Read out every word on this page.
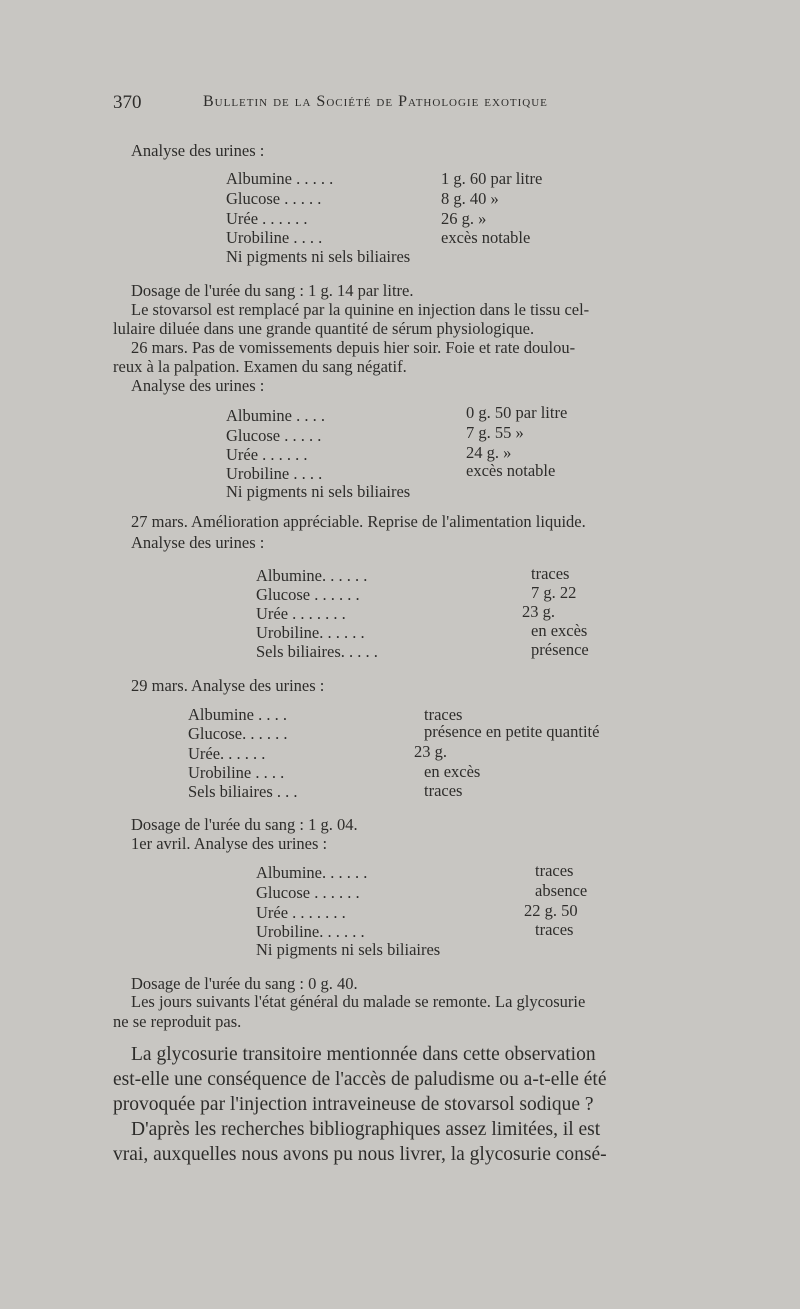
370	Bulletin de la Société de Pathologie exotique
Analyse des urines :
Albumine . . . . .	1 g. 60 par litre
Glucose . . . . .	8 g. 40 »
Urée . . . . . .	26 g. »
Urobiline . . . .	excès notable
Ni pigments ni sels biliaires
Dosage de l'urée du sang : 1 g. 14 par litre.
Le stovarsol est remplacé par la quinine en injection dans le tissu cel-
lulaire diluée dans une grande quantité de sérum physiologique.
26 mars. Pas de vomissements depuis hier soir. Foie et rate doulou-
reux à la palpation. Examen du sang négatif.
Analyse des urines :
Albumine . . . .	0 g. 50 par litre
Glucose . . . . .	7 g. 55 »
Urée . . . . . .	24 g. »
Urobiline . . . .	excès notable
Ni pigments ni sels biliaires
27 mars. Amélioration appréciable. Reprise de l'alimentation liquide.
Analyse des urines :
Albumine. . . . . .	traces
Glucose . . . . . .	7 g. 22
Urée . . . . . . .	23 g.
Urobiline. . . . . .	en excès
Sels biliaires. . . . .	présence
29 mars. Analyse des urines :
Albumine . . . .	traces
Glucose. . . . . .	présence en petite quantité
Urée. . . . . .	23 g.
Urobiline . . . .	en excès
Sels biliaires . . .	traces
Dosage de l'urée du sang : 1 g. 04.
1er avril. Analyse des urines :
Albumine. . . . . .	traces
Glucose . . . . . .	absence
Urée . . . . . . .	22 g. 50
Urobiline. . . . . .	traces
Ni pigments ni sels biliaires
Dosage de l'urée du sang : 0 g. 40.
Les jours suivants l'état général du malade se remonte. La glycosurie
ne se reproduit pas.
La glycosurie transitoire mentionnée dans cette observation
est-elle une conséquence de l'accès de paludisme ou a-t-elle été
provoquée par l'injection intraveineuse de stovarsol sodique ?
D'après les recherches bibliographiques assez limitées, il est
vrai, auxquelles nous avons pu nous livrer, la glycosurie consé-
